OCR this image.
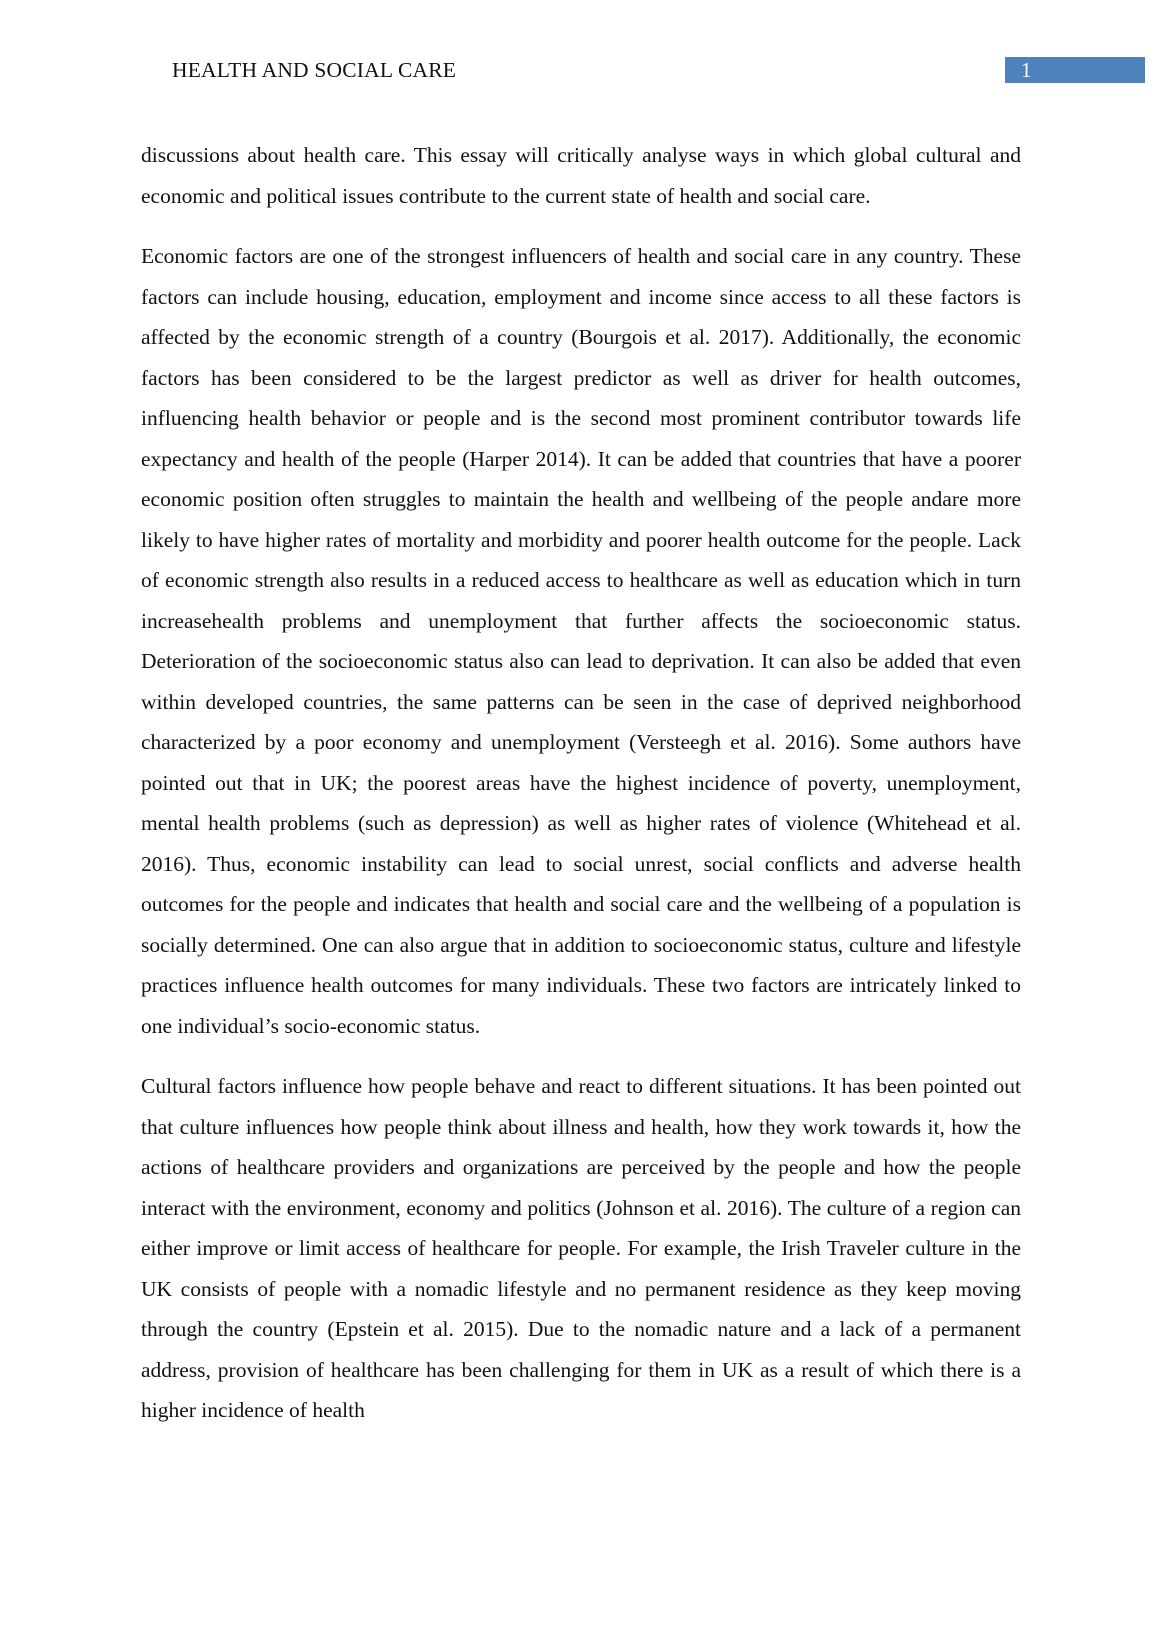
HEALTH AND SOCIAL CARE	1

discussions about health care. This essay will critically analyse ways in which global cultural and economic and political issues contribute to the current state of health and social care.

Economic factors are one of the strongest influencers of health and social care in any country. These factors can include housing, education, employment and income since access to all these factors is affected by the economic strength of a country (Bourgois et al. 2017). Additionally, the economic factors has been considered to be the largest predictor as well as driver for health outcomes, influencing health behavior or people and is the second most prominent contributor towards life expectancy and health of the people (Harper 2014). It can be added that countries that have a poorer economic position often struggles to maintain the health and wellbeing of the people andare more likely to have higher rates of mortality and morbidity and poorer health outcome for the people. Lack of economic strength also results in a reduced access to healthcare as well as education which in turn increasehealth problems and unemployment that further affects the socioeconomic status. Deterioration of the socioeconomic status also can lead to deprivation. It can also be added that even within developed countries, the same patterns can be seen in the case of deprived neighborhood characterized by a poor economy and unemployment (Versteegh et al. 2016). Some authors have pointed out that in UK; the poorest areas have the highest incidence of poverty, unemployment, mental health problems (such as depression) as well as higher rates of violence (Whitehead et al. 2016). Thus, economic instability can lead to social unrest, social conflicts and adverse health outcomes for the people and indicates that health and social care and the wellbeing of a population is socially determined. One can also argue that in addition to socioeconomic status, culture and lifestyle practices influence health outcomes for many individuals. These two factors are intricately linked to one individual’s socio-economic status.

Cultural factors influence how people behave and react to different situations. It has been pointed out that culture influences how people think about illness and health, how they work towards it, how the actions of healthcare providers and organizations are perceived by the people and how the people interact with the environment, economy and politics (Johnson et al. 2016). The culture of a region can either improve or limit access of healthcare for people. For example, the Irish Traveler culture in the UK consists of people with a nomadic lifestyle and no permanent residence as they keep moving through the country (Epstein et al. 2015). Due to the nomadic nature and a lack of a permanent address, provision of healthcare has been challenging for them in UK as a result of which there is a higher incidence of health
